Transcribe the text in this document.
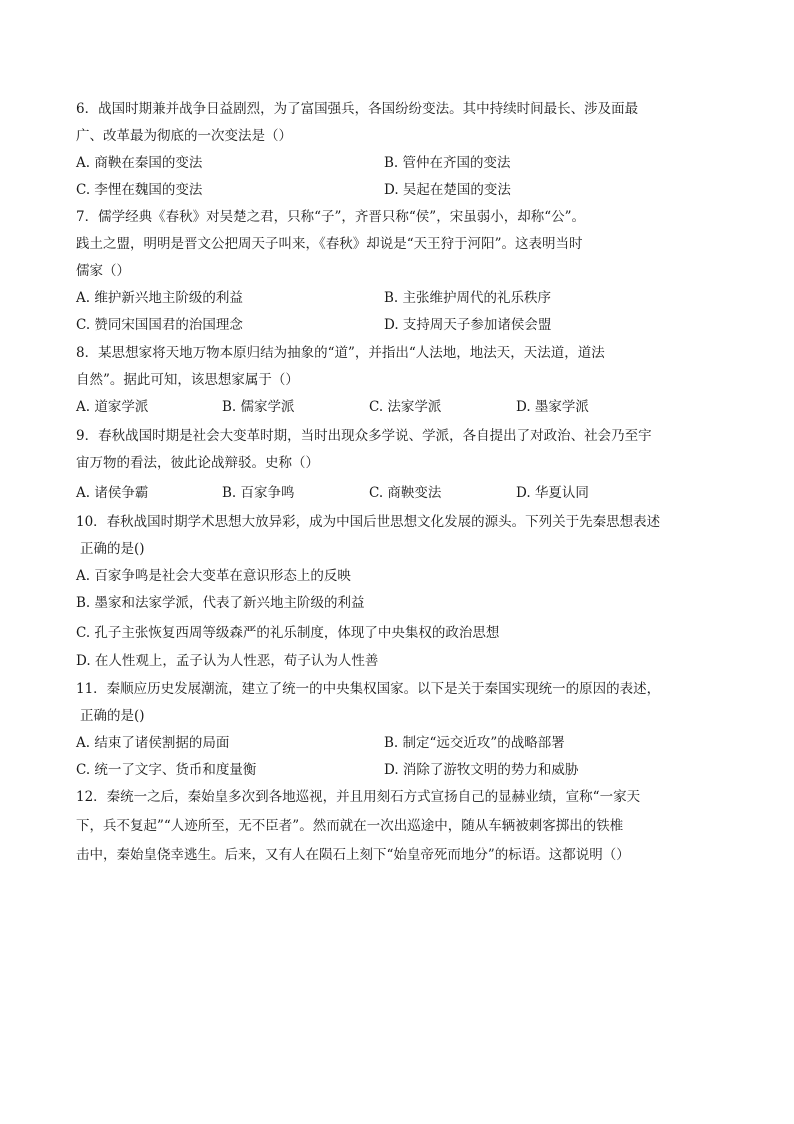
6．战国时期兼并战争日益剧烈，为了富国强兵，各国纷纷变法。其中持续时间最长、涉及面最
广、改革最为彻底的一次变法是（）
A. 商鞅在秦国的变法	B. 管仲在齐国的变法
C. 李悝在魏国的变法	D. 吴起在楚国的变法
7．儒学经典《春秋》对吴楚之君，只称“子”，齐晋只称“侯”，宋虽弱小，却称“公”。
践土之盟，明明是晋文公把周天子叫来，《春秋》却说是“天王狩于河阳”。这表明当时
儒家（）
A. 维护新兴地主阶级的利益	B. 主张维护周代的礼乐秩序
C. 赞同宋国国君的治国理念	D. 支持周天子参加诸侯会盟
8．某思想家将天地万物本原归结为抽象的“道”，并指出“人法地，地法天，天法道，道法
自然”。据此可知，该思想家属于（）
A. 道家学派	B. 儒家学派	C. 法家学派	D. 墨家学派
9．春秋战国时期是社会大变革时期，当时出现众多学说、学派，各自提出了对政治、社会乃至宇
宙万物的看法，彼此论战辩驳。史称（）
A. 诸侯争霸	B. 百家争鸣	C. 商鞅变法	D. 华夏认同
10．春秋战国时期学术思想大放异彩，成为中国后世思想文化发展的源头。下列关于先秦思想表述
正确的是()
A. 百家争鸣是社会大变革在意识形态上的反映
B. 墨家和法家学派，代表了新兴地主阶级的利益
C. 孔子主张恢复西周等级森严的礼乐制度，体现了中央集权的政治思想
D. 在人性观上，孟子认为人性恶，荀子认为人性善
11．秦顺应历史发展潮流，建立了统一的中央集权国家。以下是关于秦国实现统一的原因的表述，
正确的是()
A. 结束了诸侯割据的局面	B. 制定“远交近攻”的战略部署
C. 统一了文字、货币和度量衡	D. 消除了游牧文明的势力和威胁
12．秦统一之后，秦始皇多次到各地巡视，并且用刻石方式宣扬自己的显赫业绩，宣称“一家天
下，兵不复起”“人迹所至，无不臣者”。然而就在一次出巡途中，随从车辆被刺客掷出的铁椎
击中，秦始皇侥幸逃生。后来，又有人在陨石上刻下“始皇帝死而地分”的标语。这都说明（）
